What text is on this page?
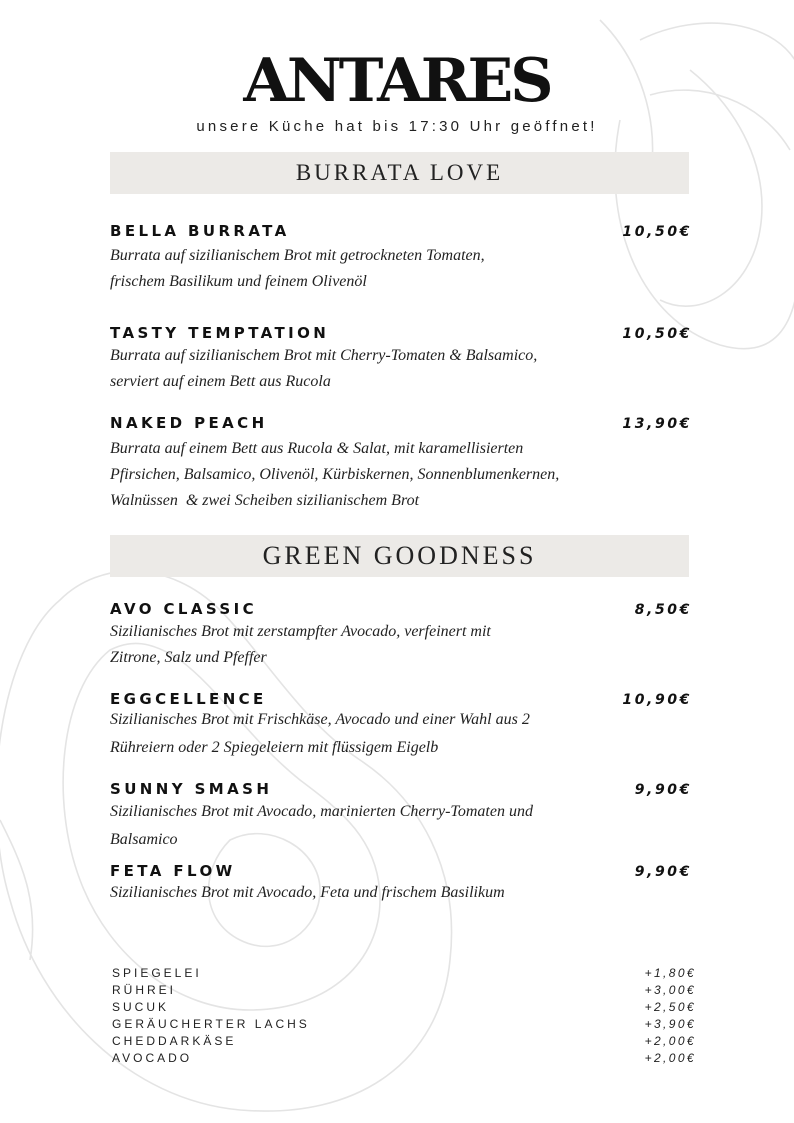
ANTARES
unsere Küche hat bis 17:30 Uhr geöffnet!
BURRATA LOVE
BELLA BURRATA	10,50€
Burrata auf sizilianischem Brot mit getrockneten Tomaten,
frischem Basilikum und feinem Olivenöl
TASTY TEMPTATION	10,50€
Burrata auf sizilianischem Brot mit Cherry-Tomaten & Balsamico,
serviert auf einem Bett aus Rucola
NAKED PEACH	13,90€
Burrata auf einem Bett aus Rucola & Salat, mit karamellisierten
Pfirsichen, Balsamico, Olivenöl, Kürbiskernen, Sonnenblumenkernen,
Walnüssen  & zwei Scheiben sizilianischem Brot
GREEN GOODNESS
AVO CLASSIC	8,50€
Sizilianisches Brot mit zerstampfter Avocado, verfeinert mit
Zitrone, Salz und Pfeffer
EGGCELLENCE	10,90€
Sizilianisches Brot mit Frischkäse, Avocado und einer Wahl aus 2
Rühreiern oder 2 Spiegeleiern mit flüssigem Eigelb
SUNNY SMASH	9,90€
Sizilianisches Brot mit Avocado, marinierten Cherry-Tomaten und
Balsamico
FETA FLOW	9,90€
Sizilianisches Brot mit Avocado, Feta und frischem Basilikum
SPIEGELEI	+1,80€
RÜHREI	+3,00€
SUCUK	+2,50€
GERÄUCHERTER LACHS	+3,90€
CHEDDARKÄSE	+2,00€
AVOCADO	+2,00€
